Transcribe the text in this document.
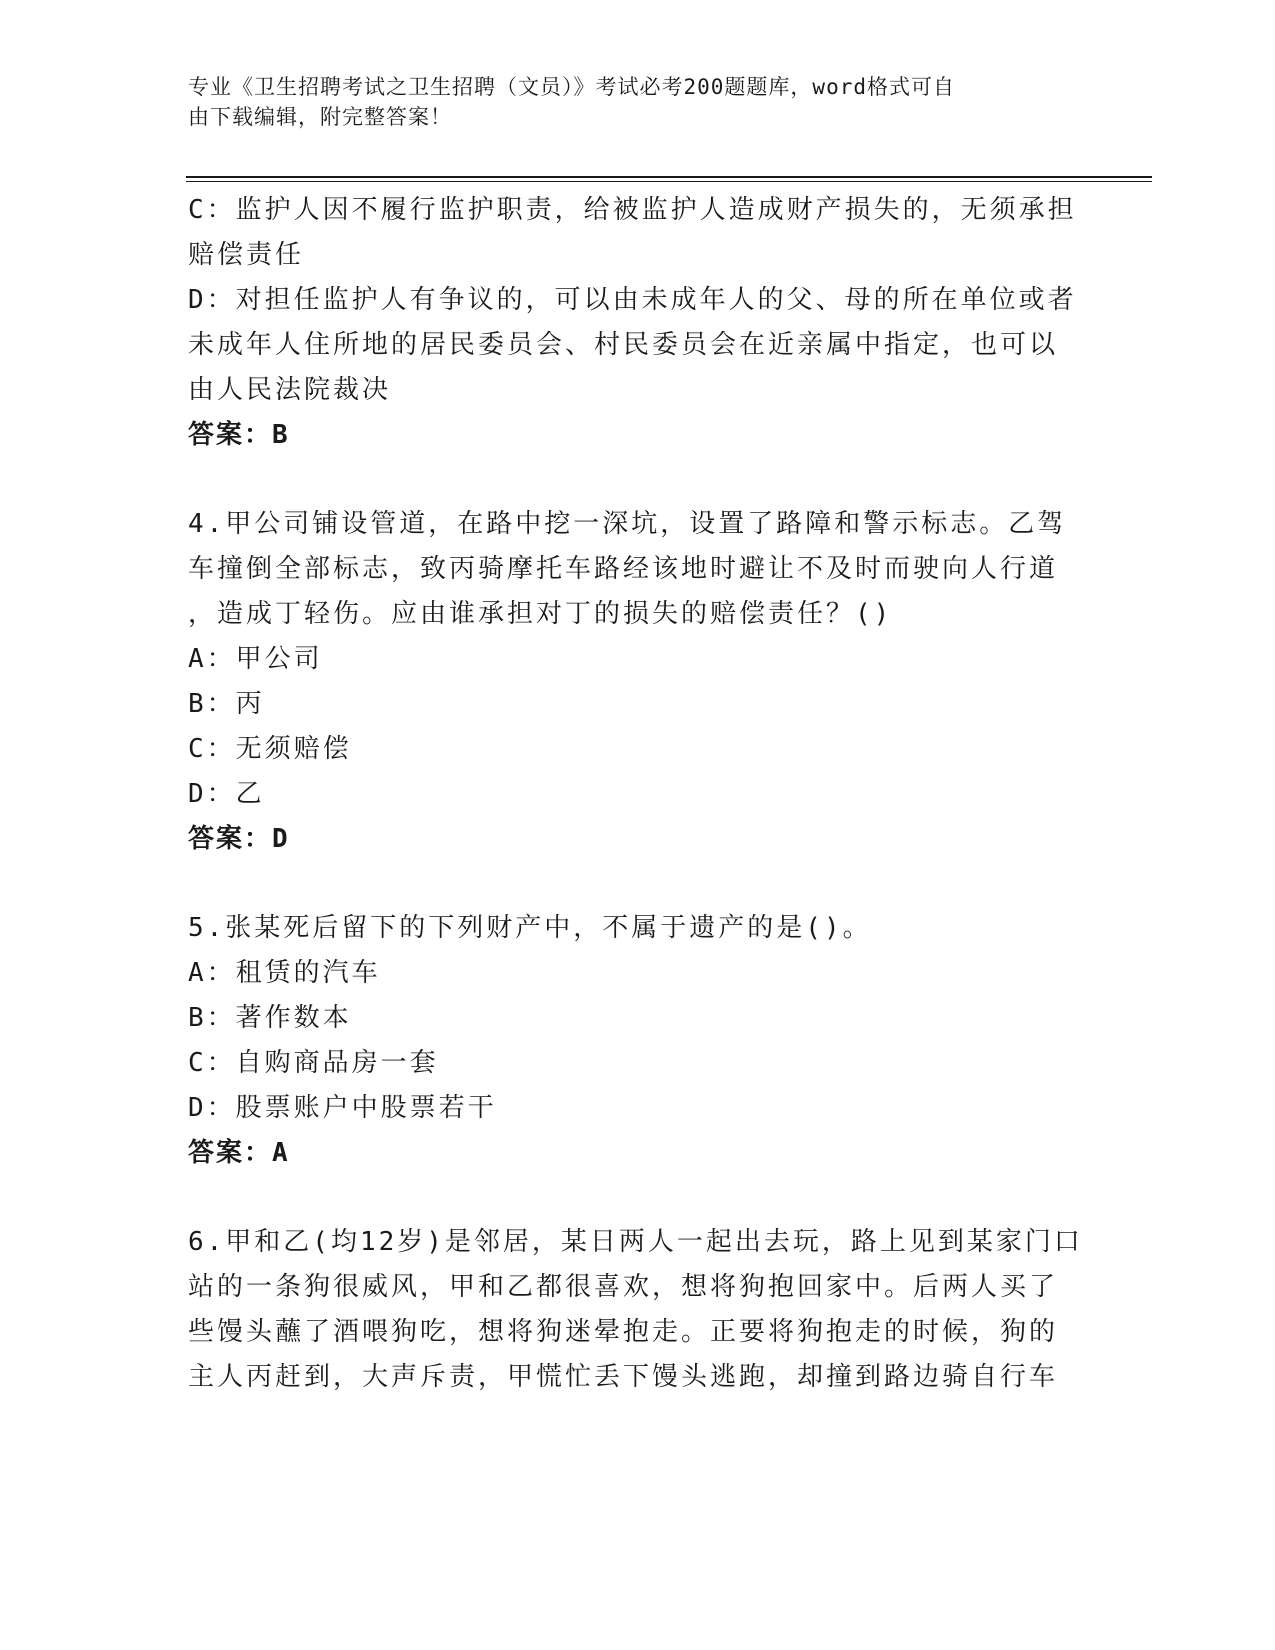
专业《卫生招聘考试之卫生招聘（文员）》考试必考200题题库，word格式可自
由下载编辑，附完整答案！
C：监护人因不履行监护职责，给被监护人造成财产损失的，无须承担
赔偿责任
D：对担任监护人有争议的，可以由未成年人的父、母的所在单位或者
未成年人住所地的居民委员会、村民委员会在近亲属中指定，也可以
由人民法院裁决
答案：B
4.甲公司铺设管道，在路中挖一深坑，设置了路障和警示标志。乙驾
车撞倒全部标志，致丙骑摩托车路经该地时避让不及时而驶向人行道
，造成丁轻伤。应由谁承担对丁的损失的赔偿责任？()
A：甲公司
B：丙
C：无须赔偿
D：乙
答案：D
5.张某死后留下的下列财产中，不属于遗产的是()。
A：租赁的汽车
B：著作数本
C：自购商品房一套
D：股票账户中股票若干
答案：A
6.甲和乙(均12岁)是邻居，某日两人一起出去玩，路上见到某家门口
站的一条狗很威风，甲和乙都很喜欢，想将狗抱回家中。后两人买了
些馒头蘸了酒喂狗吃，想将狗迷晕抱走。正要将狗抱走的时候，狗的
主人丙赶到，大声斥责，甲慌忙丢下馒头逃跑，却撞到路边骑自行车
